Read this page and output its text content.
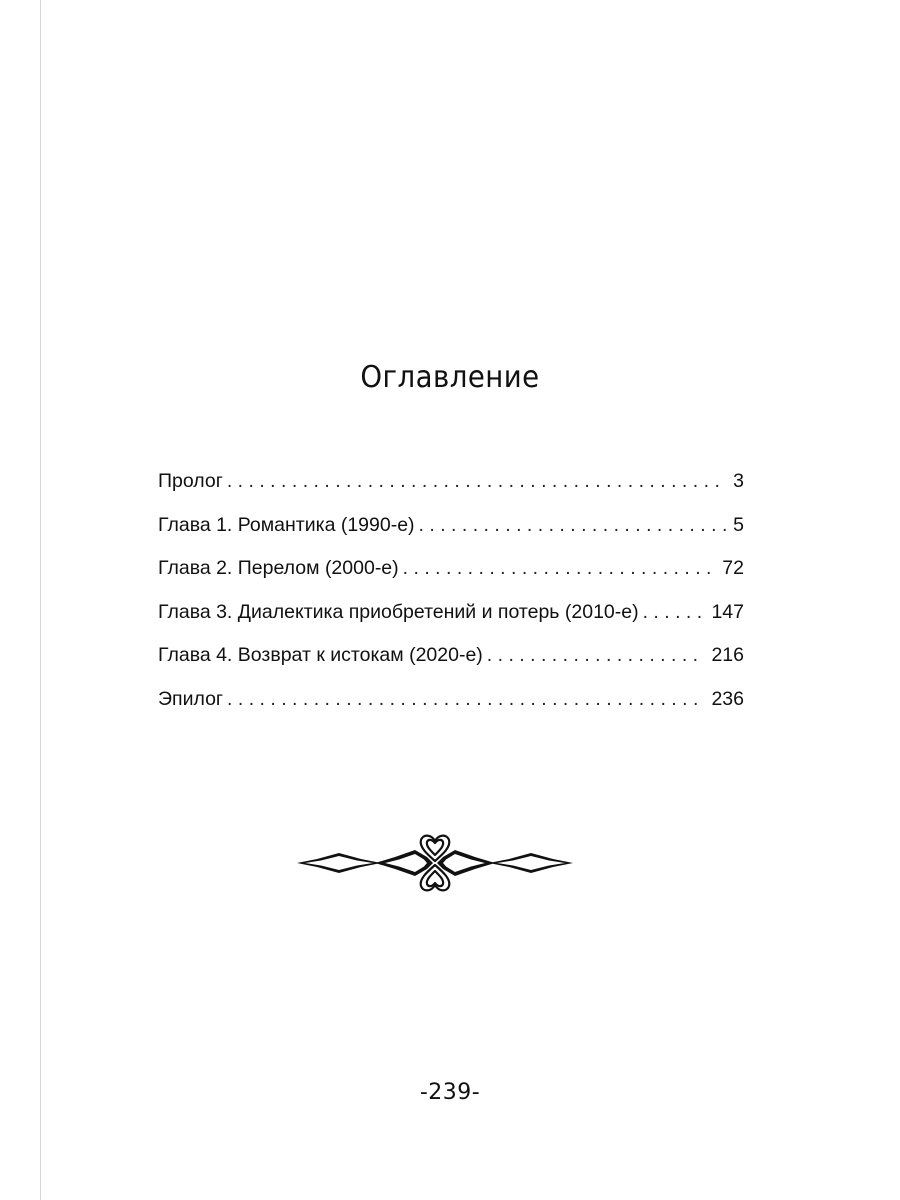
Оглавление
Пролог . . .	3
Глава 1. Романтика (1990-е) . . .	5
Глава 2. Перелом (2000-е) . . .	72
Глава 3. Диалектика приобретений и потерь (2010-е) . . .	147
Глава 4. Возврат к истокам (2020-е) . . .	216
Эпилог . . .	236
-239-
